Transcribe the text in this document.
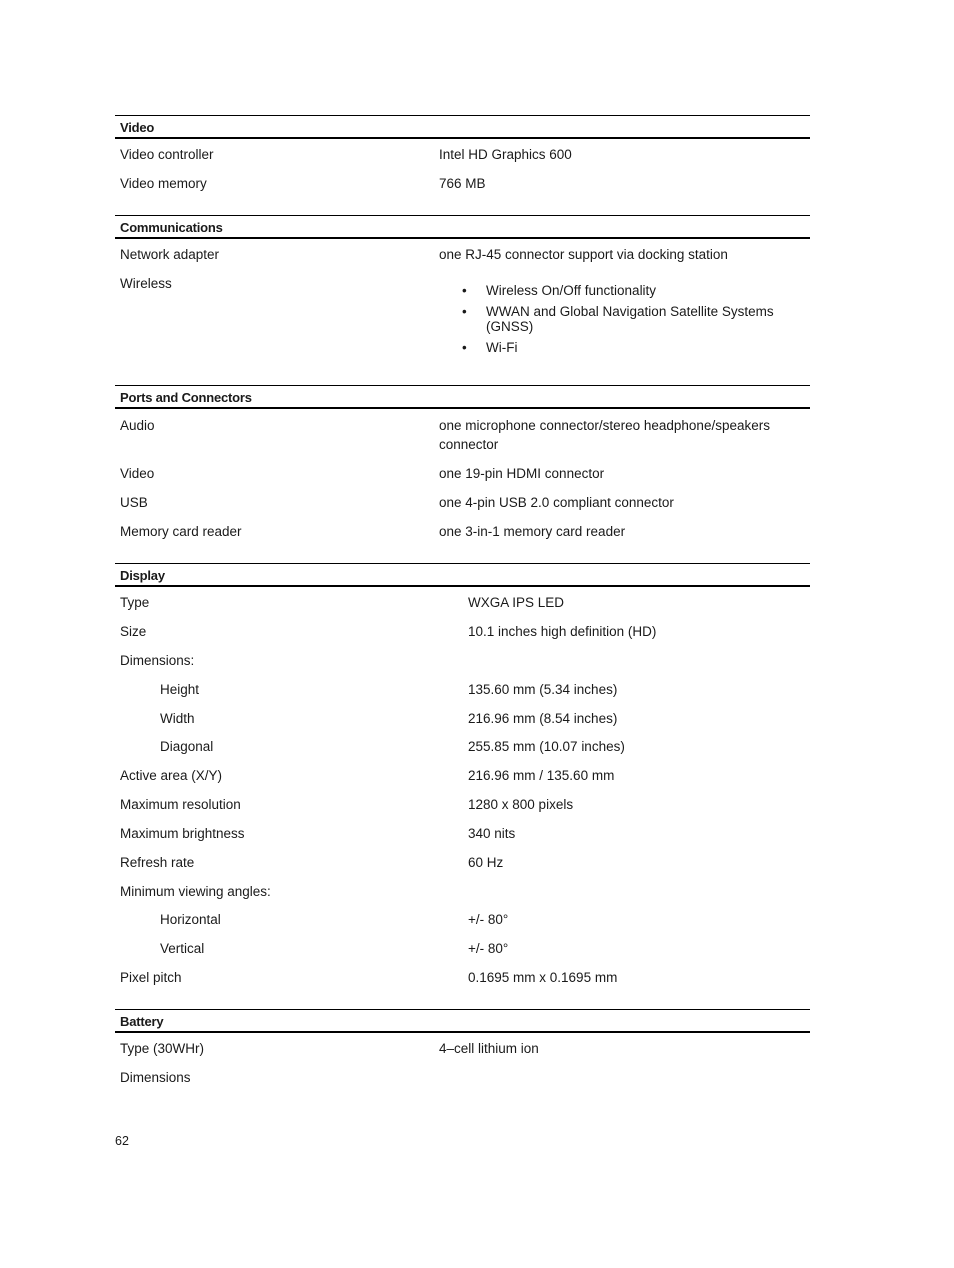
Video
Video controller	Intel HD Graphics 600
Video memory	766 MB
Communications
Network adapter	one RJ-45 connector support via docking station
Wireless	• Wireless On/Off functionality
• WWAN and Global Navigation Satellite Systems
(GNSS)
• Wi-Fi
Ports and Connectors
Audio	one microphone connector/stereo headphone/speakers
connector
Video	one 19-pin HDMI connector
USB	one 4-pin USB 2.0 compliant connector
Memory card reader	one 3-in-1 memory card reader
Display
Type	WXGA IPS LED
Size	10.1 inches high definition (HD)
Dimensions:
Height	135.60 mm (5.34 inches)
Width	216.96 mm (8.54 inches)
Diagonal	255.85 mm (10.07 inches)
Active area (X/Y)	216.96 mm / 135.60 mm
Maximum resolution	1280 x 800 pixels
Maximum brightness	340 nits
Refresh rate	60 Hz
Minimum viewing angles:
Horizontal	+/- 80°
Vertical	+/- 80°
Pixel pitch	0.1695 mm x 0.1695 mm
Battery
Type (30WHr)	4–cell lithium ion
Dimensions
62
